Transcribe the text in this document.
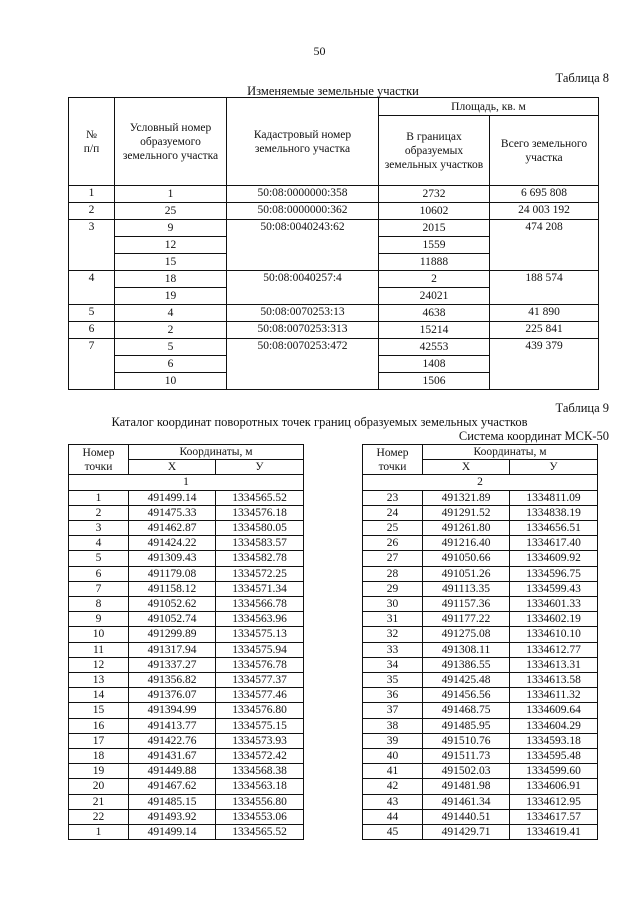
50
Таблица 8
Изменяемые земельные участки
№
п/п	Условный номер образуемого земельного участка	Кадастровый номер земельного участка	Площадь, кв. м	
			В границах образуемых земельных участков	Всего земельного участка
1	1	50:08:0000000:358	2732	6 695 808
2	25	50:08:0000000:362	10602	24 003 192
3	9	50:08:0040243:62	2015	474 208
	12		1559	
	15		11888	
4	18	50:08:0040257:4	2	188 574
	19		24021	
5	4	50:08:0070253:13	4638	41 890
6	2	50:08:0070253:313	15214	225 841
7	5	50:08:0070253:472	42553	439 379
	6		1408	
	10		1506	
Таблица 9
Каталог координат поворотных точек границ образуемых земельных участков
Система координат МСК-50
Номер точки	Координаты, м	
	X	У
1		
1	491499.14	1334565.52
2	491475.33	1334576.18
3	491462.87	1334580.05
4	491424.22	1334583.57
5	491309.43	1334582.78
6	491179.08	1334572.25
7	491158.12	1334571.34
8	491052.62	1334566.78
9	491052.74	1334563.96
10	491299.89	1334575.13
11	491317.94	1334575.94
12	491337.27	1334576.78
13	491356.82	1334577.37
14	491376.07	1334577.46
15	491394.99	1334576.80
16	491413.77	1334575.15
17	491422.76	1334573.93
18	491431.67	1334572.42
19	491449.88	1334568.38
20	491467.62	1334563.18
21	491485.15	1334556.80
22	491493.92	1334553.06
1	491499.14	1334565.52
Номер точки	Координаты, м	
	X	У
2		
23	491321.89	1334811.09
24	491291.52	1334838.19
25	491261.80	1334656.51
26	491216.40	1334617.40
27	491050.66	1334609.92
28	491051.26	1334596.75
29	491113.35	1334599.43
30	491157.36	1334601.33
31	491177.22	1334602.19
32	491275.08	1334610.10
33	491308.11	1334612.77
34	491386.55	1334613.31
35	491425.48	1334613.58
36	491456.56	1334611.32
37	491468.75	1334609.64
38	491485.95	1334604.29
39	491510.76	1334593.18
40	491511.73	1334595.48
41	491502.03	1334599.60
42	491481.98	1334606.91
43	491461.34	1334612.95
44	491440.51	1334617.57
45	491429.71	1334619.41
